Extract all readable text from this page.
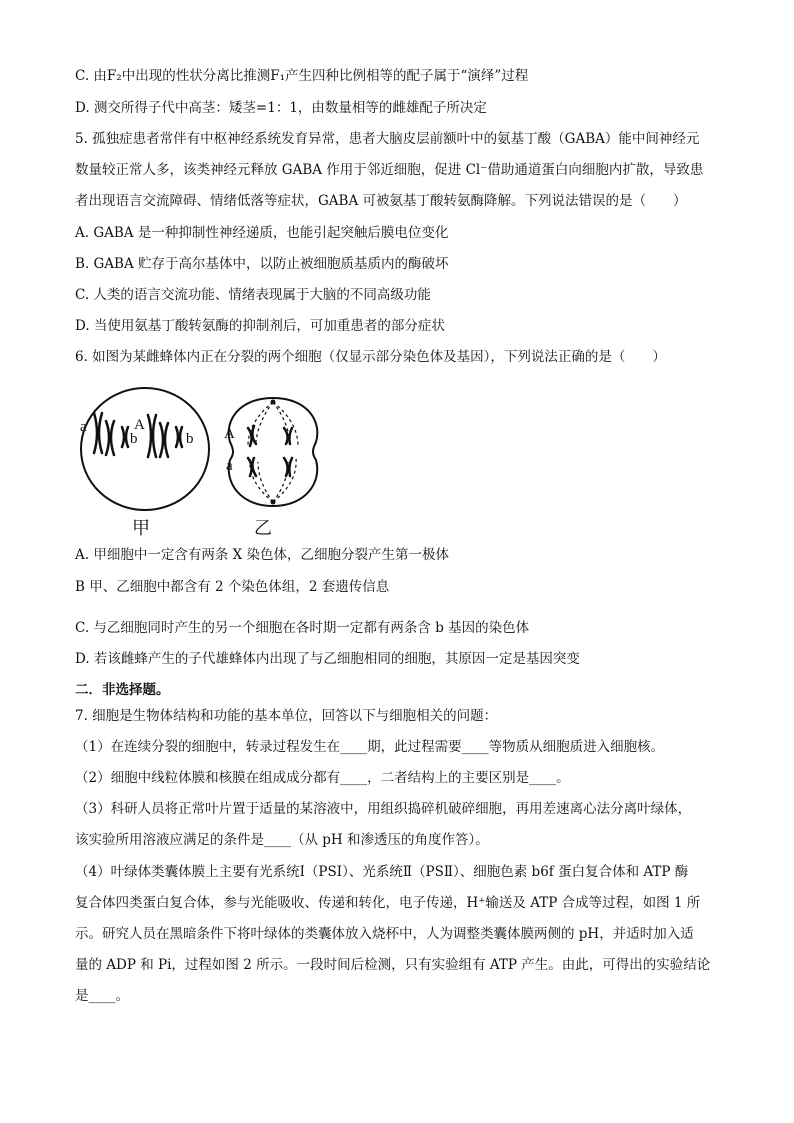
C. 由F₂中出现的性状分离比推测F₁产生四种比例相等的配子属于“演绎”过程
D. 测交所得子代中高茎：矮茎=1：1，由数量相等的雌雄配子所决定
5. 孤独症患者常伴有中枢神经系统发育异常，患者大脑皮层前额叶中的氨基丁酸（GABA）能中间神经元
数量较正常人多，该类神经元释放 GABA 作用于邻近细胞，促进 Cl⁻借助通道蛋白向细胞内扩散，导致患
者出现语言交流障碍、情绪低落等症状，GABA 可被氨基丁酸转氨酶降解。下列说法错误的是（　　）
A. GABA 是一种抑制性神经递质，也能引起突触后膜电位变化
B. GABA 贮存于高尔基体中，以防止被细胞质基质内的酶破坏
C. 人类的语言交流功能、情绪表现属于大脑的不同高级功能
D. 当使用氨基丁酸转氨酶的抑制剂后，可加重患者的部分症状
6. 如图为某雌蜂体内正在分裂的两个细胞（仅显示部分染色体及基因），下列说法正确的是（　　）
a
b
A
b
甲
A
a
乙
A. 甲细胞中一定含有两条 X 染色体，乙细胞分裂产生第一极体
B 甲、乙细胞中都含有 2 个染色体组，2 套遗传信息
C. 与乙细胞同时产生的另一个细胞在各时期一定都有两条含 b 基因的染色体
D. 若该雌蜂产生的子代雄蜂体内出现了与乙细胞相同的细胞，其原因一定是基因突变
二．非选择题。
7. 细胞是生物体结构和功能的基本单位，回答以下与细胞相关的问题：
（1）在连续分裂的细胞中，转录过程发生在____期，此过程需要____等物质从细胞质进入细胞核。
（2）细胞中线粒体膜和核膜在组成成分都有____，二者结构上的主要区别是____。
（3）科研人员将正常叶片置于适量的某溶液中，用组织捣碎机破碎细胞，再用差速离心法分离叶绿体，
该实验所用溶液应满足的条件是____（从 pH 和渗透压的角度作答）。
（4）叶绿体类囊体膜上主要有光系统Ⅰ（PSI）、光系统Ⅱ（PSⅡ）、细胞色素 b6f 蛋白复合体和 ATP 酶
复合体四类蛋白复合体，参与光能吸收、传递和转化，电子传递，H⁺输送及 ATP 合成等过程，如图 1 所
示。研究人员在黑暗条件下将叶绿体的类囊体放入烧杯中，人为调整类囊体膜两侧的 pH，并适时加入适
量的 ADP 和 Pi，过程如图 2 所示。一段时间后检测，只有实验组有 ATP 产生。由此，可得出的实验结论
是____。
